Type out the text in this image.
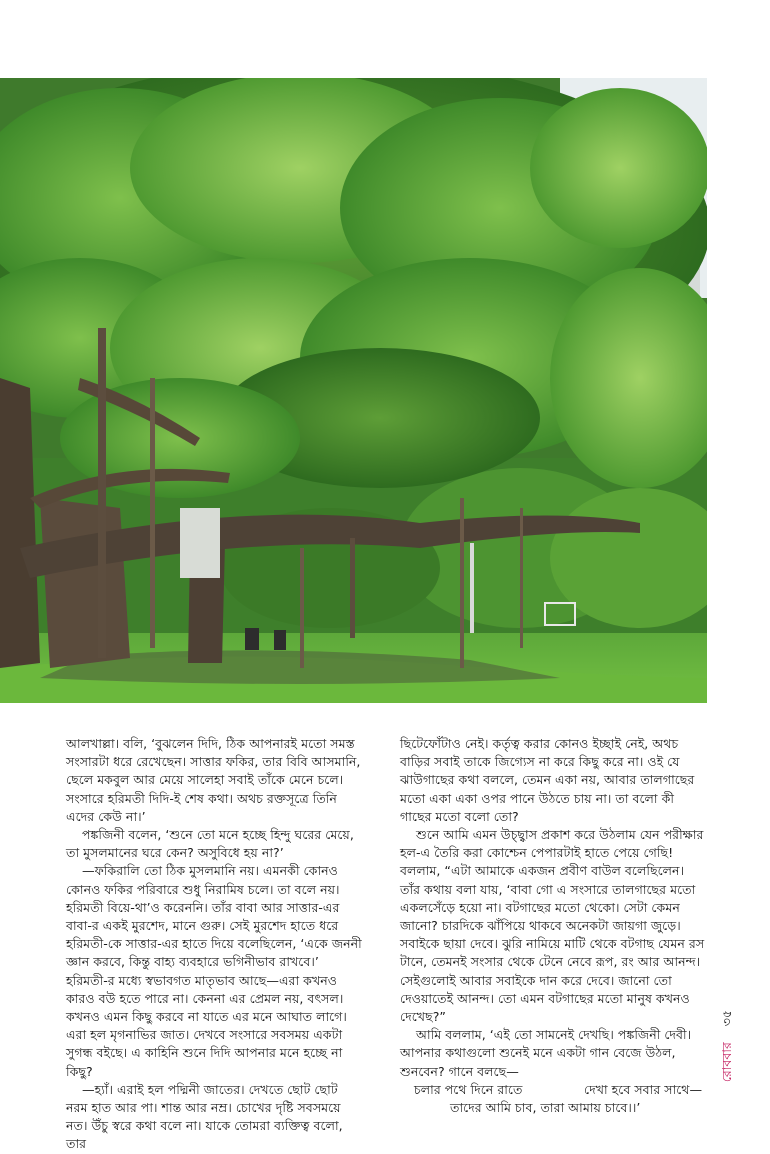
আলখাল্লা। বলি, ‘বুঝলেন দিদি, ঠিক আপনারই মতো সমস্ত সংসারটা ধরে রেখেছেন। সাত্তার ফকির, তার বিবি আসমানি, ছেলে মকবুল আর মেয়ে সালেহা সবাই তাঁকে মেনে চলে। সংসারে হরিমতী দিদি-ই শেষ কথা। অথচ রক্তসূত্রে তিনি এদের কেউ না।’

পঙ্কজিনী বলেন, ‘শুনে তো মনে হচ্ছে হিন্দু ঘরের মেয়ে, তা মুসলমানের ঘরে কেন? অসুবিধে হয় না?’

—ফকিরালি তো ঠিক মুসলমানি নয়। এমনকী কোনও কোনও ফকির পরিবারে শুধু নিরামিষ চলে। তা বলে নয়। হরিমতী বিয়ে-থা’ও করেননি। তাঁর বাবা আর সাত্তার-এর বাবা-র একই মুরশেদ, মানে গুরু। সেই মুরশেদ হাতে ধরে হরিমতী-কে সাত্তার-এর হাতে দিয়ে বলেছিলেন, ‘একে জননী জ্ঞান করবে, কিন্তু বাহ্য ব্যবহারে ভগিনীভাব রাখবে।’ হরিমতী-র মধ্যে স্বভাবগত মাতৃভাব আছে—এরা কখনও কারও বউ হতে পারে না। কেননা এর প্রেমল নয়, বৎসল। কখনও এমন কিছু করবে না যাতে এর মনে আঘাত লাগে। এরা হল মৃগনাভির জাত। দেখবে সংসারে সবসময় একটা সুগন্ধ বইছে। এ কাহিনি শুনে দিদি আপনার মনে হচ্ছে না কিছু?

—হ্যাঁ। এরাই হল পদ্মিনী জাতের। দেখতে ছোট ছোট নরম হাত আর পা। শান্ত আর নম্র। চোখের দৃষ্টি সবসময়ে নত। উঁচু স্বরে কথা বলে না। যাকে তোমরা ব্যক্তিত্ব বলো, তার

ছিটেফোঁটাও নেই। কর্তৃত্ব করার কোনও ইচ্ছাই নেই, অথচ বাড়ির সবাই তাকে জিগ্যেস না করে কিছু করে না। ওই যে ঝাউগাছের কথা বললে, তেমন একা নয়, আবার তালগাছের মতো একা একা ওপর পানে উঠতে চায় না। তা বলো কী গাছের মতো বলো তো?

শুনে আমি এমন উচ্ছ্বাস প্রকাশ করে উঠলাম যেন পরীক্ষার হল-এ তৈরি করা কোশ্চেন পেপারটাই হাতে পেয়ে গেছি! বললাম, “এটা আমাকে একজন প্রবীণ বাউল বলেছিলেন। তাঁর কথায় বলা যায়, ‘বাবা গো এ সংসারে তালগাছের মতো একলসেঁড়ে হয়ো না। বটগাছের মতো থেকো। সেটা কেমন জানো? চারদিকে ঝাঁপিয়ে থাকবে অনেকটা জায়গা জুড়ে। সবাইকে ছায়া দেবে। ঝুরি নামিয়ে মাটি থেকে বটগাছ যেমন রস টানে, তেমনই সংসার থেকে টেনে নেবে রূপ, রং আর আনন্দ। সেইগুলোই আবার সবাইকে দান করে দেবে। জানো তো দেওয়াতেই আনন্দ। তো এমন বটগাছের মতো মানুষ কখনও দেখেছ?”

আমি বললাম, ‘এই তো সামনেই দেখছি। পঙ্কজিনী দেবী। আপনার কথাগুলো শুনেই মনে একটা গান বেজে উঠল, শুনবেন? গানে বলছে—

চলার পথে দিনে রাতে	দেখা হবে সবার সাথে—
তাদের আমি চাব, তারা আমায় চাবে।।’
রোববার    ৩৫
